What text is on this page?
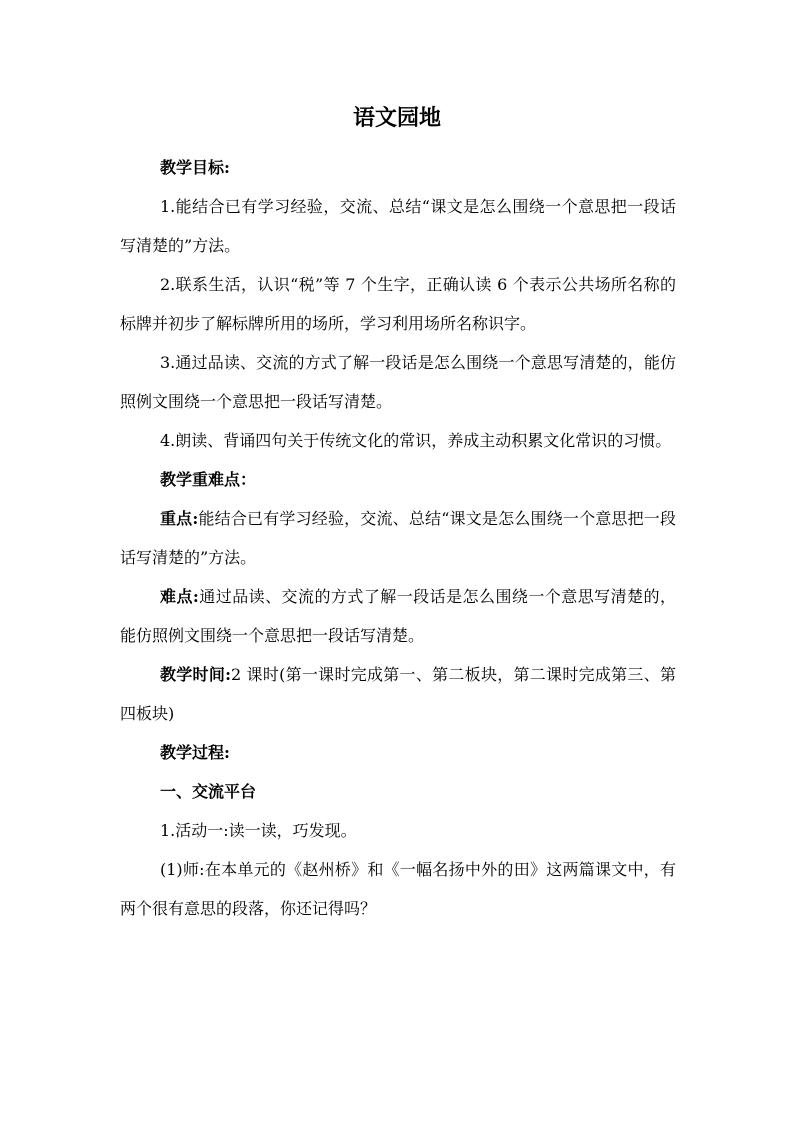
语文园地

教学目标:

1.能结合已有学习经验，交流、总结“课文是怎么围绕一个意思把一段话写清楚的”方法。

2.联系生活，认识“税”等 7 个生字，正确认读 6 个表示公共场所名称的标牌并初步了解标牌所用的场所，学习利用场所名称识字。

3.通过品读、交流的方式了解一段话是怎么围绕一个意思写清楚的，能仿照例文围绕一个意思把一段话写清楚。

4.朗读、背诵四句关于传统文化的常识，养成主动积累文化常识的习惯。

教学重难点：

重点:能结合已有学习经验，交流、总结“课文是怎么围绕一个意思把一段话写清楚的”方法。

难点:通过品读、交流的方式了解一段话是怎么围绕一个意思写清楚的，能仿照例文围绕一个意思把一段话写清楚。

教学时间:2 课时(第一课时完成第一、第二板块，第二课时完成第三、第四板块)

教学过程:

一、交流平台

1.活动一:读一读，巧发现。

(1)师:在本单元的《赵州桥》和《一幅名扬中外的田》这两篇课文中，有两个很有意思的段落，你还记得吗？
